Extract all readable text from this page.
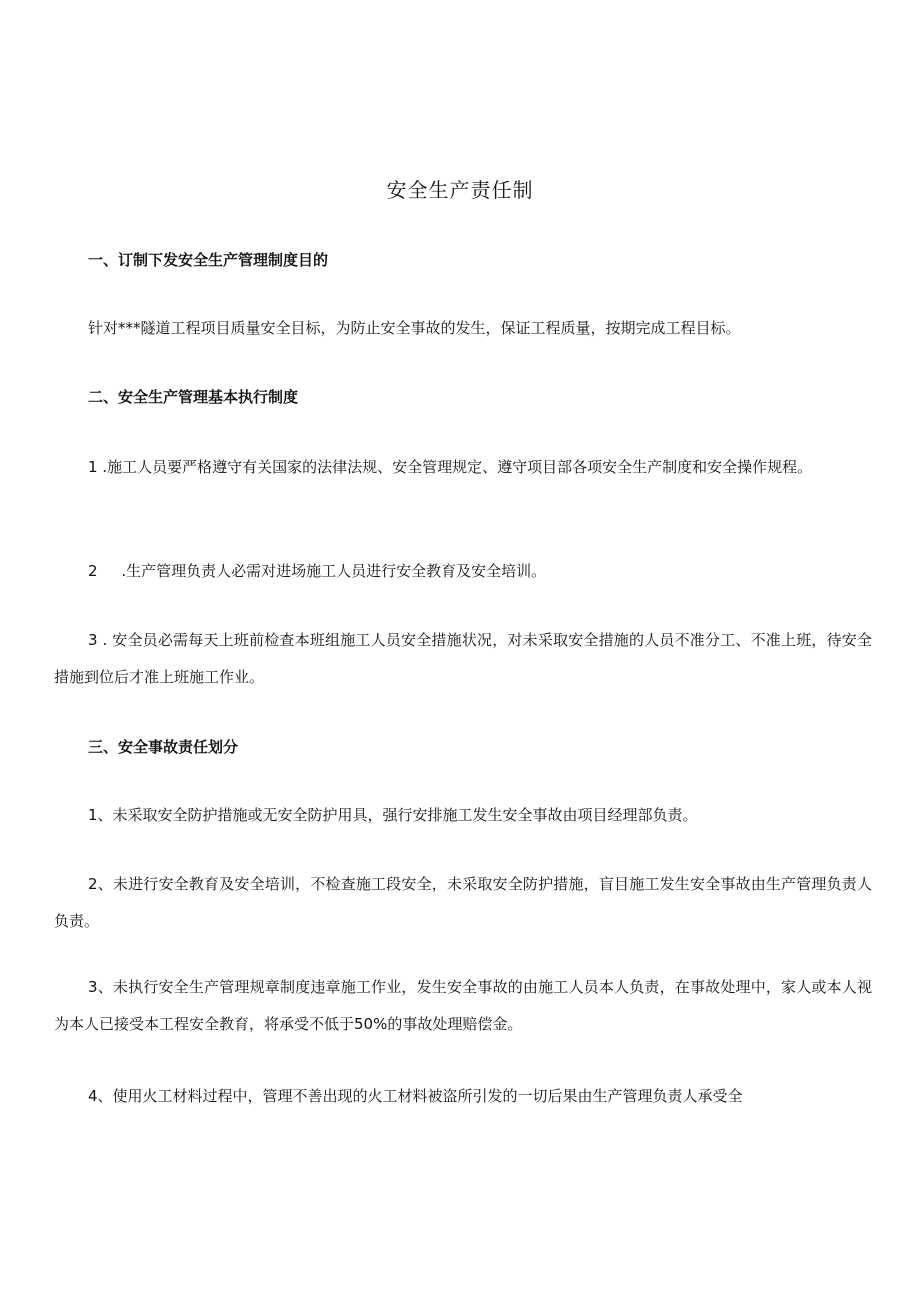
安全生产责任制
一、订制下发安全生产管理制度目的
针对***隧道工程项目质量安全目标，为防止安全事故的发生，保证工程质量，按期完成工程目标。
二、安全生产管理基本执行制度
1 .施工人员要严格遵守有关国家的法律法规、安全管理规定、遵守项目部各项安全生产制度和安全操作规程。
2     .生产管理负责人必需对进场施工人员进行安全教育及安全培训。
3 . 安全员必需每天上班前检查本班组施工人员安全措施状况，对未采取安全措施的人员不准分工、不准上班，待安全措施到位后才准上班施工作业。
三、安全事故责任划分
1、未采取安全防护措施或无安全防护用具，强行安排施工发生安全事故由项目经理部负责。
2、未进行安全教育及安全培训，不检查施工段安全，未采取安全防护措施，盲目施工发生安全事故由生产管理负责人负责。
3、未执行安全生产管理规章制度违章施工作业，发生安全事故的由施工人员本人负责，在事故处理中，家人或本人视为本人已接受本工程安全教育，将承受不低于50%的事故处理赔偿金。
4、使用火工材料过程中，管理不善出现的火工材料被盗所引发的一切后果由生产管理负责人承受全
